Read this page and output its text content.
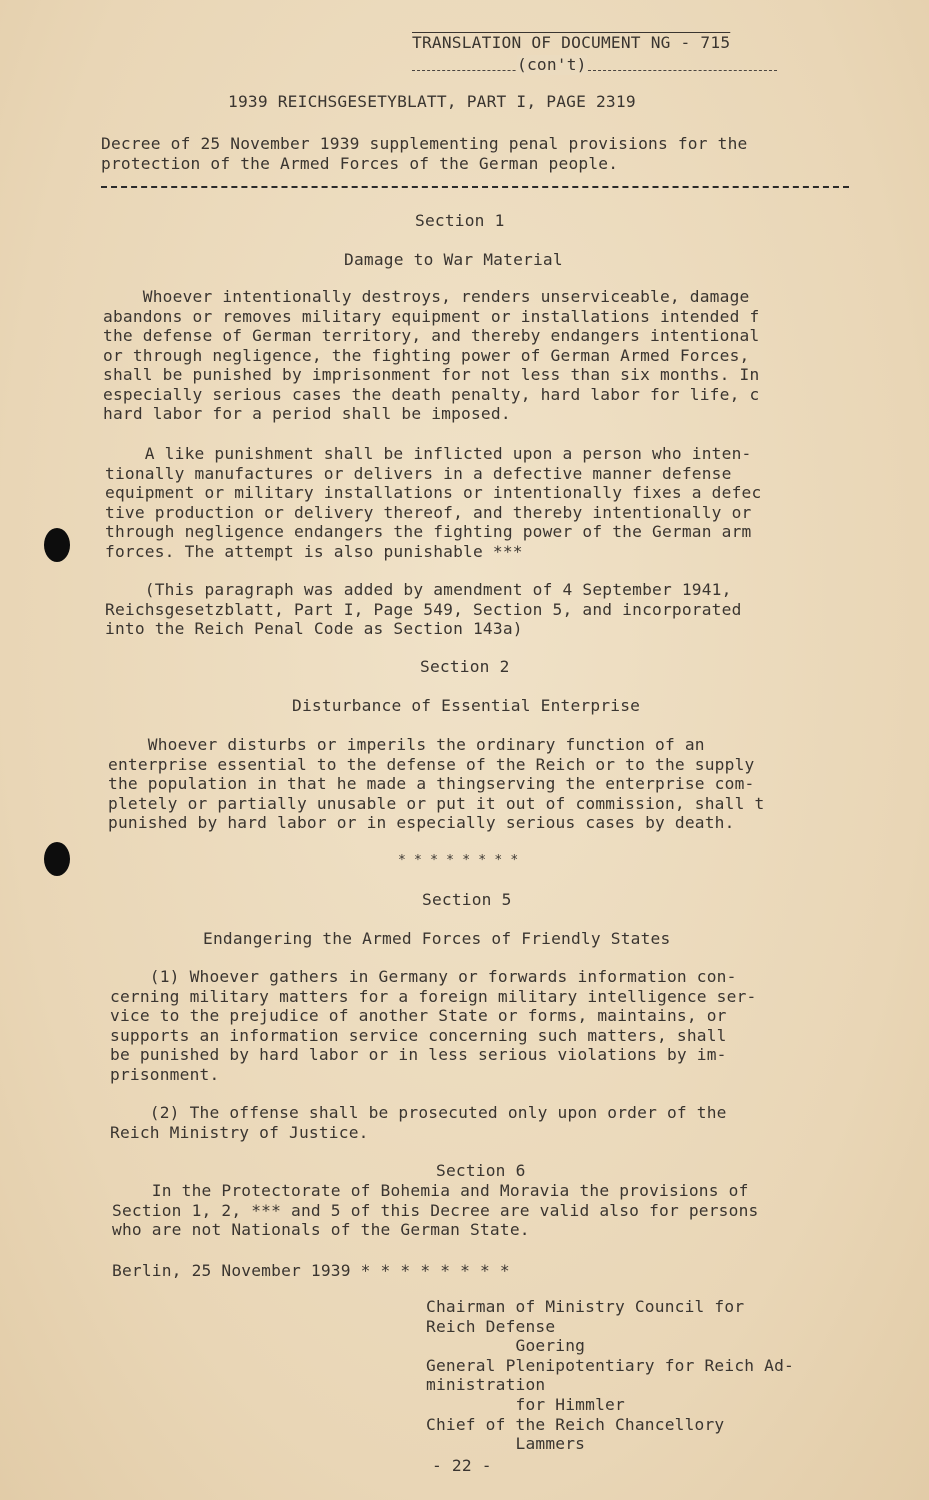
TRANSLATION OF DOCUMENT NG - 715
(con't)
1939 REICHSGESETYBLATT, PART I, PAGE 2319
Decree of 25 November 1939 supplementing penal provisions for the
protection of the Armed Forces of the German people.
Section 1
Damage to War Material
Whoever intentionally destroys, renders unserviceable, damage
abandons or removes military equipment or installations intended f
the defense of German territory, and thereby endangers intentional
or through negligence, the fighting power of German Armed Forces,
shall be punished by imprisonment for not less than six months. In
especially serious cases the death penalty, hard labor for life, c
hard labor for a period shall be imposed.
A like punishment shall be inflicted upon a person who inten-
tionally manufactures or delivers in a defective manner defense
equipment or military installations or intentionally fixes a defec
tive production or delivery thereof, and thereby intentionally or
through negligence endangers the fighting power of the German arm
forces. The attempt is also punishable ***
(This paragraph was added by amendment of 4 September 1941,
Reichsgesetzblatt, Part I, Page 549, Section 5, and incorporated
into the Reich Penal Code as Section 143a)
Section 2
Disturbance of Essential Enterprise
Whoever disturbs or imperils the ordinary function of an
enterprise essential to the defense of the Reich or to the supply
the population in that he made a thingserving the enterprise com-
pletely or partially unusable or put it out of commission, shall t
punished by hard labor or in especially serious cases by death.
* * * * * * * *
Section 5
Endangering the Armed Forces of Friendly States
(1) Whoever gathers in Germany or forwards information con-
cerning military matters for a foreign military intelligence ser-
vice to the prejudice of another State or forms, maintains, or
supports an information service concerning such matters, shall
be punished by hard labor or in less serious violations by im-
prisonment.
(2) The offense shall be prosecuted only upon order of the
Reich Ministry of Justice.
Section 6
In the Protectorate of Bohemia and Moravia the provisions of
Section 1, 2, *** and 5 of this Decree are valid also for persons
who are not Nationals of the German State.
Berlin, 25 November 1939 * * * * * * * *
Chairman of Ministry Council for
Reich Defense
Goering
General Plenipotentiary for Reich Ad-
ministration
for Himmler
Chief of the Reich Chancellory
Lammers
- 22 -
